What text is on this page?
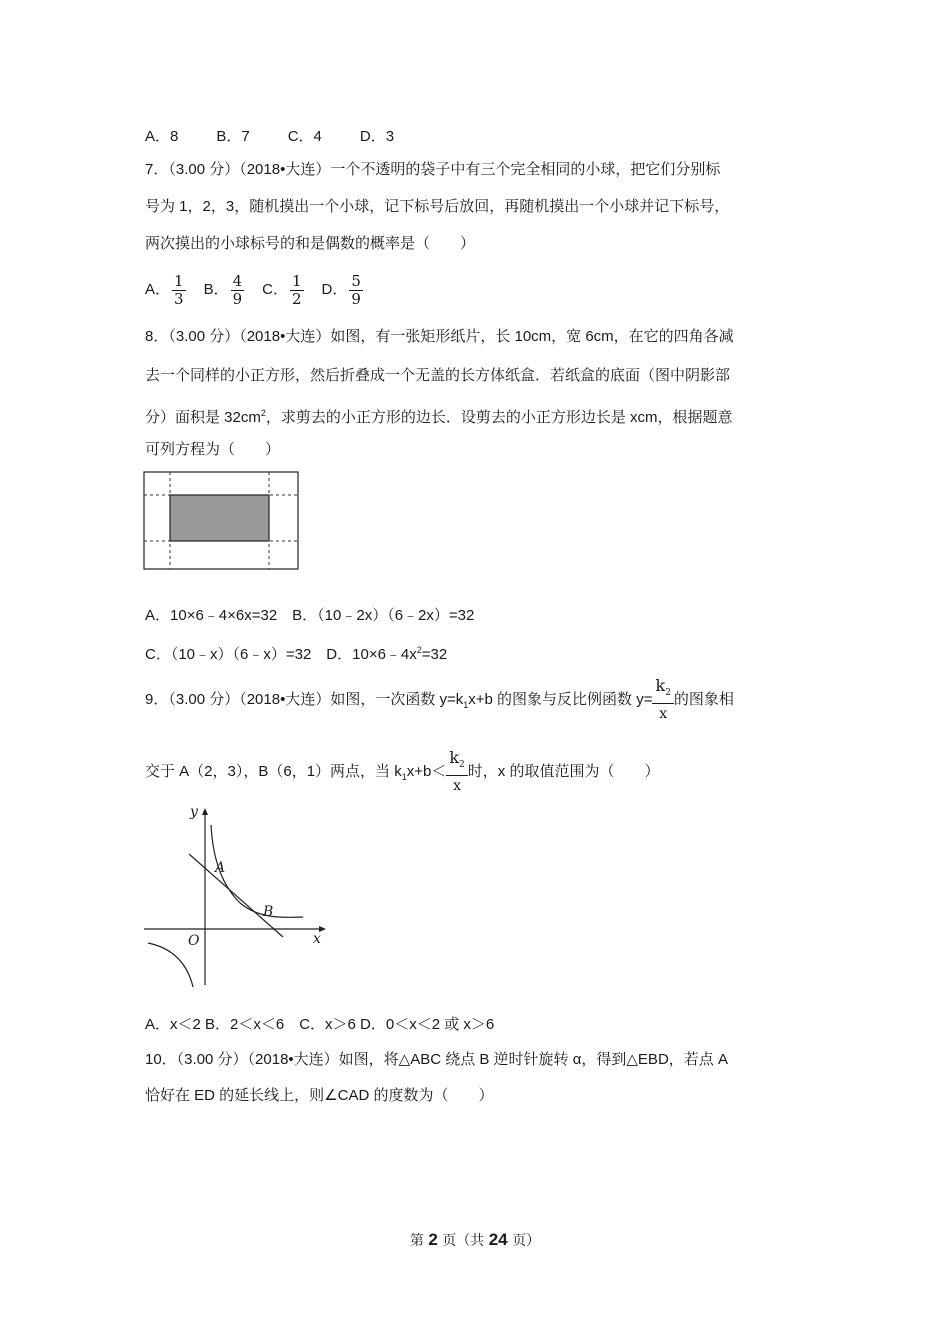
A．8	B．7	C．4	D．3
7．（3.00 分）（2018•大连）一个不透明的袋子中有三个完全相同的小球，把它们分别标
号为 1，2，3，随机摸出一个小球，记下标号后放回，再随机摸出一个小球并记下标号，
两次摸出的小球标号的和是偶数的概率是（　　）
A． $\frac{1}{3}$ B． $\frac{4}{9}$ C． $\frac{1}{2}$ D． $\frac{5}{9}$
8．（3.00 分）（2018•大连）如图，有一张矩形纸片，长 10cm，宽 6cm，在它的四角各减
去一个同样的小正方形，然后折叠成一个无盖的长方体纸盒．若纸盒的底面（图中阴影部
分）面积是 $32cm^2$，求剪去的小正方形的边长．设剪去的小正方形边长是 xcm，根据题意
可列方程为（　　）
A．10×6﹣4×6x=32　B．（10﹣2x）（6﹣2x）=32
C．（10﹣x）（6﹣x）=32　D．$10\times 6﹣4x^2=32$
9．（3.00 分）（2018•大连）如图，一次函数 $y=k_1x+b$ 的图象与反比例函数 $y= \frac{k_2}{x}$ 的图象相
交于 A（2，3），B（6，1）两点，当 $k_1x+b< \frac{k_2}{x}$ 时，x 的取值范围为（　　）
y
x
O
A
B
A．x＜2 B．2＜x＜6　C．x＞6 D．0＜x＜2 或 x＞6
10．（3.00 分）（2018•大连）如图，将△ABC 绕点 B 逆时针旋转 α，得到△EBD，若点 A
恰好在 ED 的延长线上，则∠CAD 的度数为（　　）
第 2 页（共 24 页）
